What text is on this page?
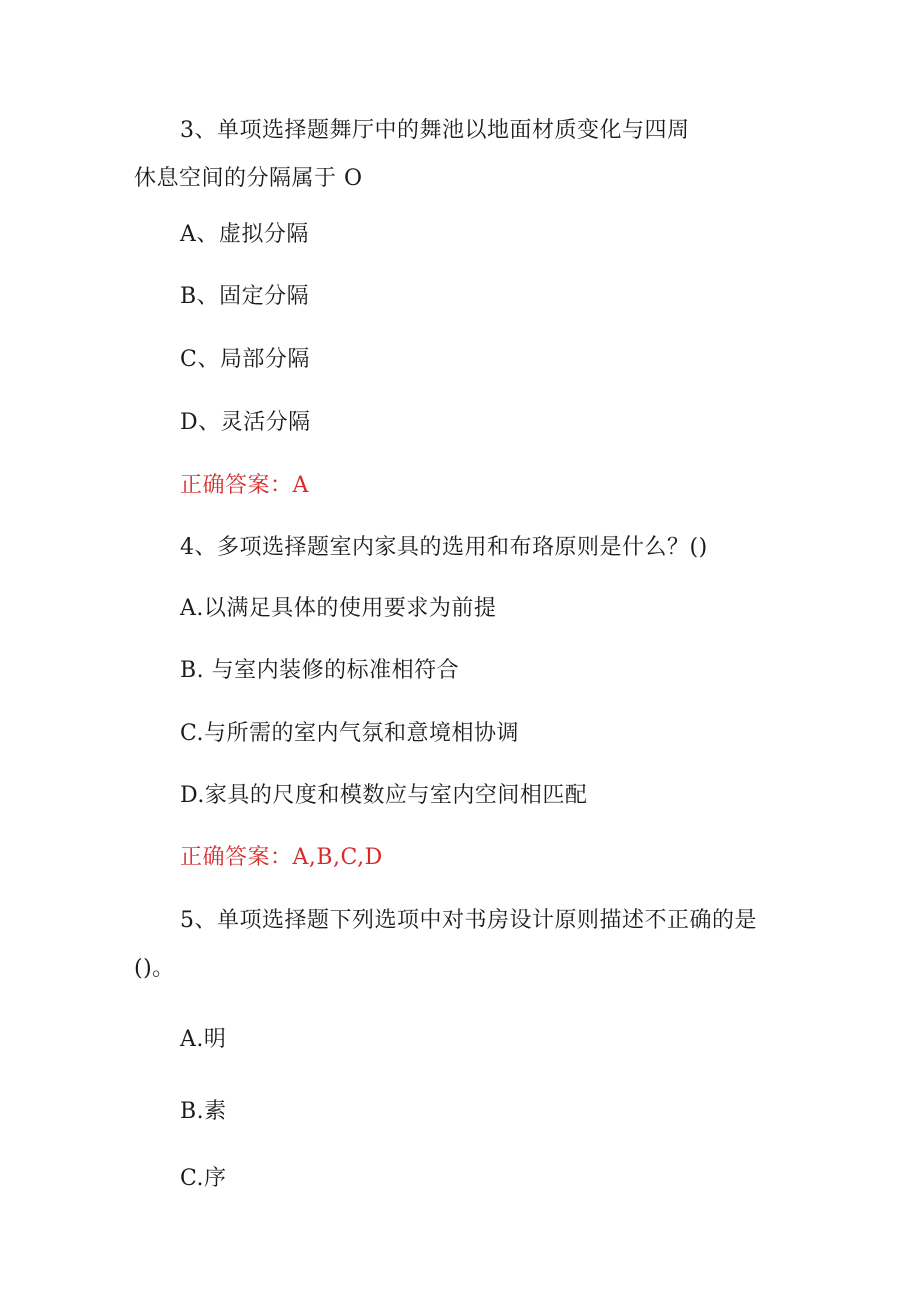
3、单项选择题舞厅中的舞池以地面材质变化与四周
休息空间的分隔属于 O
A、虚拟分隔
B、固定分隔
C、局部分隔
D、灵活分隔
正确答案：A
4、多项选择题室内家具的选用和布珞原则是什么？()
A.以满足具体的使用要求为前提
B. 与室内装修的标准相符合
C.与所需的室内气氛和意境相协调
D.家具的尺度和模数应与室内空间相匹配
正确答案：A,B,C,D
5、单项选择题下列选项中对书房设计原则描述不正确的是
()。
A.明
B.素
C.序
